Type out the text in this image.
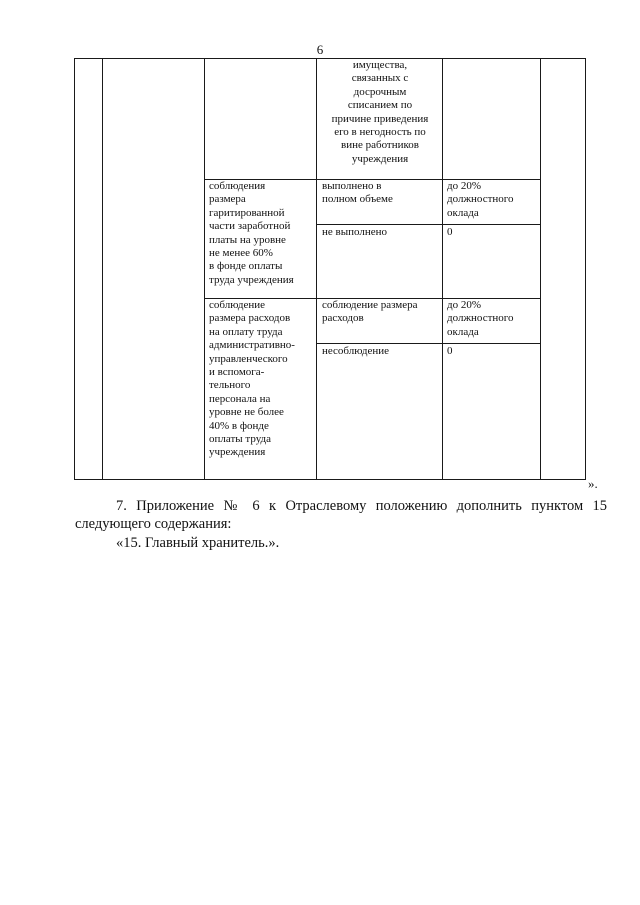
6
имущества,
связанных с
досрочным
списанием по
причине приведения
его в негодность по
вине работников
учреждения
соблюдения
размера
гаритированной
части заработной
платы на уровне
не менее 60%
в фонде оплаты
труда учреждения
выполнено в
полном объеме
до 20%
должностного
оклада
не выполнено	0
соблюдение
размера расходов
на оплату труда
административно-
управленческого
и вспомога-
тельного
персонала на
уровне не более
40% в фонде
оплаты труда
учреждения
соблюдение размера
расходов
до 20%
должностного
оклада
несоблюдение	0
».

7. Приложение № 6 к Отраслевому положению дополнить пунктом 15

следующего содержания:

«15. Главный хранитель.».
